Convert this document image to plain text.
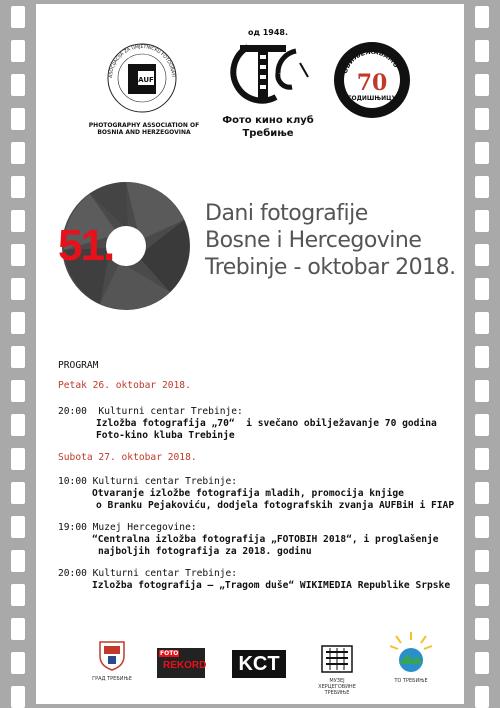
AUF
ASOCIJACIJA ZA UMJETNIČKU FOTOGRAFI
PHOTOGRAPHY ASSOCIATION OF
BOSNIA AND HERZEGOVINA
од 1948.
Фото кино клуб
Требиње
ОБИЉЕЖАВАМО
70
ГОДИШЊИЦУ
51.
Dani fotografije
Bosne i Hercegovine
Trebinje - oktobar 2018.
PROGRAM
Petak 26. oktobar 2018.
20:00  Kulturni centar Trebinje:
Izložba fotografija „70“  i svečano obilježavanje 70 godina
Foto-kino kluba Trebinje
Subota 27. oktobar 2018.
10:00 Kulturni centar Trebinje:
Otvaranje izložbe fotografija mladih, promocija knjige
o Branku Pejakoviću, dodjela fotografskih zvanja AUFBiH i FIAP
19:00 Muzej Hercegovine:
“Centralna izložba fotografija „FOTOBIH 2018“, i proglašenje
najboljih fotografija za 2018. godinu
20:00 Kulturni centar Trebinje:
Izložba fotografija – „Tragom duše“ WIKIMEDIA Republike Srpske
ГРАД ТРЕБИЊЕ
FOTO
REKORD	KCT
МУЗЕЈ ХЕРЦЕГОВИНЕ
ТРЕБИЊЕ
ТО ТРЕБИЊЕ
